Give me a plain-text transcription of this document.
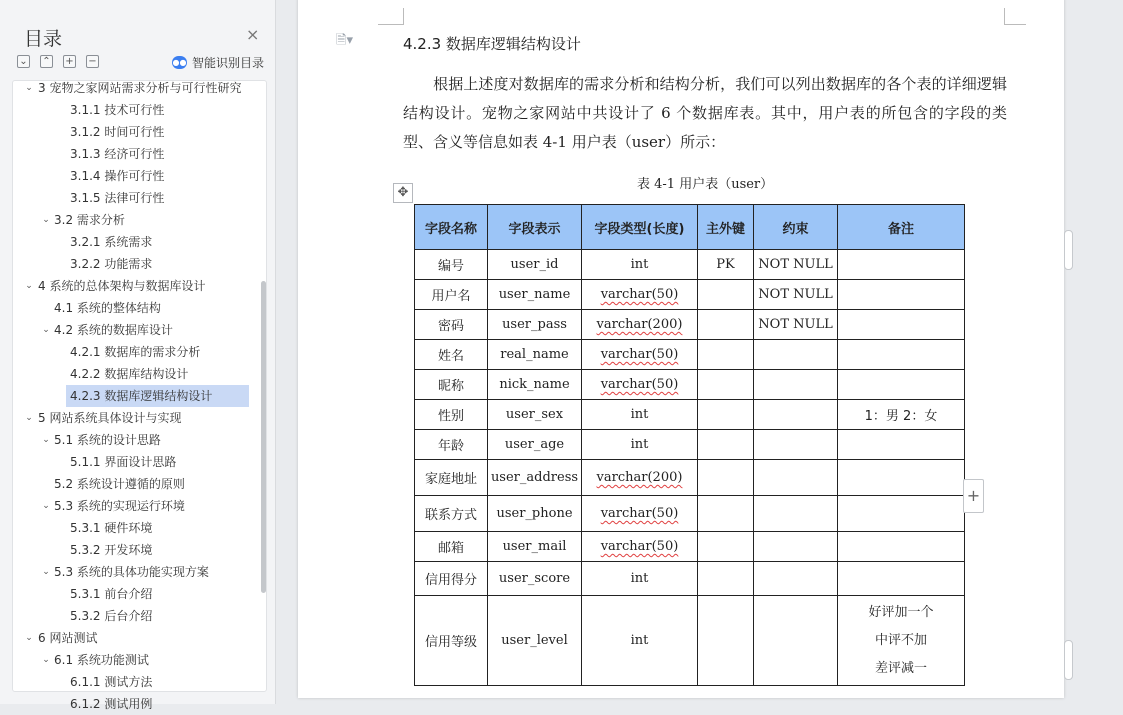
目录	×
⌄ ⌃ + −	●● 智能识别目录
⌄ 3 宠物之家网站需求分析与可行性研究
3.1.1 技术可行性
3.1.2 时间可行性
3.1.3 经济可行性
3.1.4 操作可行性
3.1.5 法律可行性
⌄ 3.2 需求分析
3.2.1 系统需求
3.2.2 功能需求
⌄ 4 系统的总体架构与数据库设计
4.1 系统的整体结构
⌄ 4.2 系统的数据库设计
4.2.1 数据库的需求分析
4.2.2 数据库结构设计
4.2.3 数据库逻辑结构设计
⌄ 5 网站系统具体设计与实现
⌄ 5.1 系统的设计思路
5.1.1 界面设计思路
5.2 系统设计遵循的原则
⌄ 5.3 系统的实现运行环境
5.3.1 硬件环境
5.3.2 开发环境
⌄ 5.3 系统的具体功能实现方案
5.3.1 前台介绍
5.3.2 后台介绍
⌄ 6 网站测试
⌄ 6.1 系统功能测试
6.1.1 测试方法
6.1.2 测试用例
🗎▾	4.2.3 数据库逻辑结构设计
根据上述度对数据库的需求分析和结构分析，我们可以列出数据库的各个表的详细逻辑结构设计。宠物之家网站中共设计了 6 个数据库表。其中，用户表的所包含的字段的类型、含义等信息如表 4-1 用户表（user）所示：
表 4-1 用户表（user）
✥
字段名称	字段表示	字段类型(长度)	主外键	约束	备注
编号	user_id	int	PK	NOT NULL	
用户名	user_name	varchar(50)		NOT NULL	
密码	user_pass	varchar(200)		NOT NULL	
姓名	real_name	varchar(50)			
昵称	nick_name	varchar(50)			
性别	user_sex	int			1：男 2：女
年龄	user_age	int			
家庭地址	user_address	varchar(200)			
联系方式	user_phone	varchar(50)			
邮箱	user_mail	varchar(50)			
信用得分	user_score	int			
信用等级	user_level	int			好评加一个
中评不加
差评减一
+
